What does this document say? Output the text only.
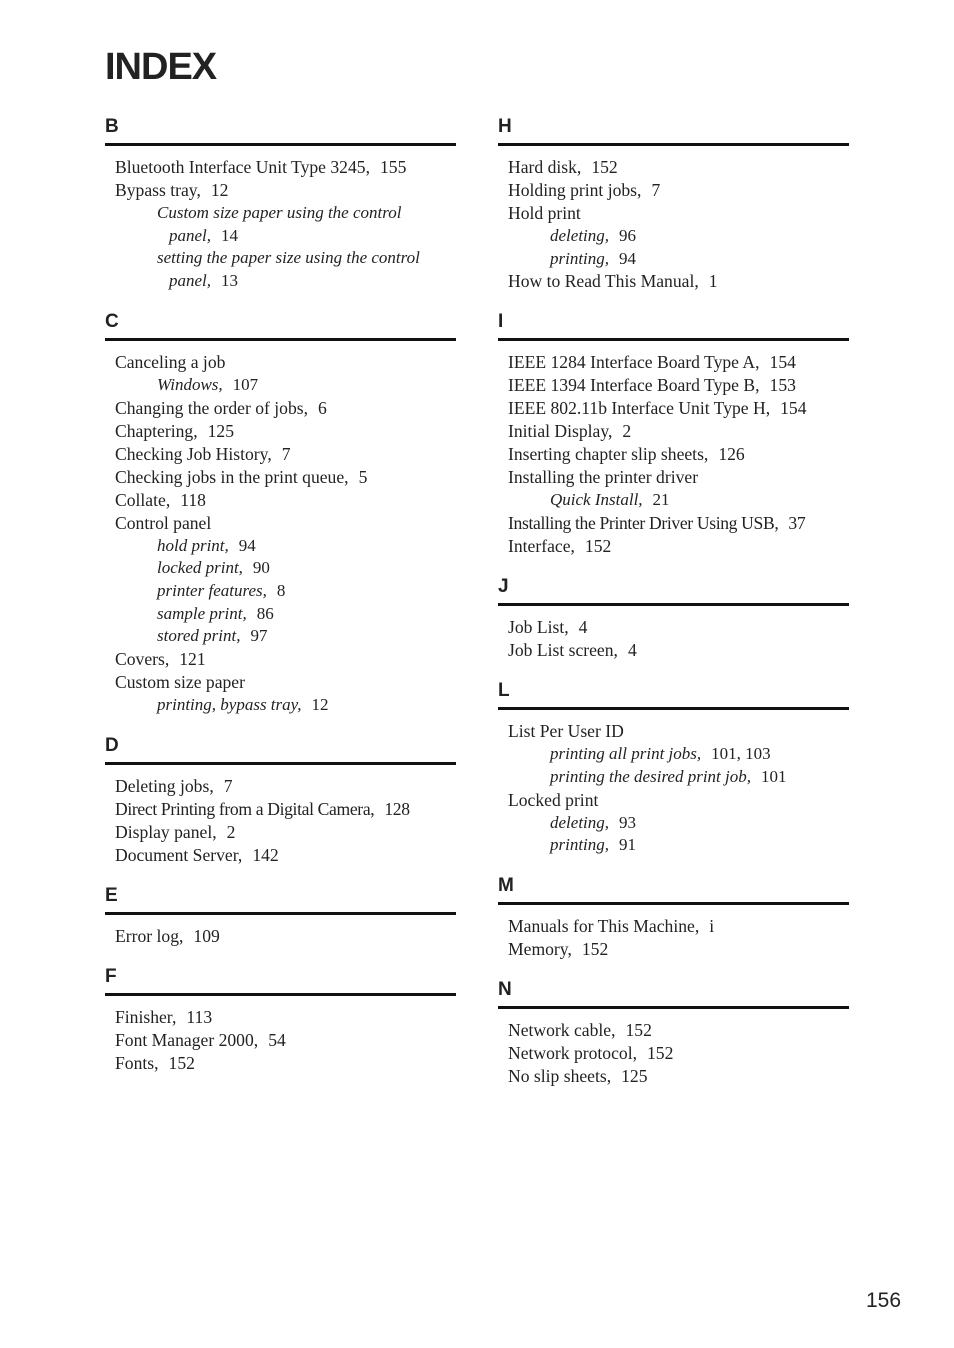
INDEX
B
Bluetooth Interface Unit Type 3245, 155
Bypass tray, 12
Custom size paper using the control
panel, 14
setting the paper size using the control
panel, 13
C
Canceling a job
Windows, 107
Changing the order of jobs, 6
Chaptering, 125
Checking Job History, 7
Checking jobs in the print queue, 5
Collate, 118
Control panel
hold print, 94
locked print, 90
printer features, 8
sample print, 86
stored print, 97
Covers, 121
Custom size paper
printing, bypass tray, 12
D
Deleting jobs, 7
Direct Printing from a Digital Camera, 128
Display panel, 2
Document Server, 142
E
Error log, 109
F
Finisher, 113
Font Manager 2000, 54
Fonts, 152
H
Hard disk, 152
Holding print jobs, 7
Hold print
deleting, 96
printing, 94
How to Read This Manual, 1
I
IEEE 1284 Interface Board Type A, 154
IEEE 1394 Interface Board Type B, 153
IEEE 802.11b Interface Unit Type H, 154
Initial Display, 2
Inserting chapter slip sheets, 126
Installing the printer driver
Quick Install, 21
Installing the Printer Driver Using USB, 37
Interface, 152
J
Job List, 4
Job List screen, 4
L
List Per User ID
printing all print jobs, 101, 103
printing the desired print job, 101
Locked print
deleting, 93
printing, 91
M
Manuals for This Machine, i
Memory, 152
N
Network cable, 152
Network protocol, 152
No slip sheets, 125
156
